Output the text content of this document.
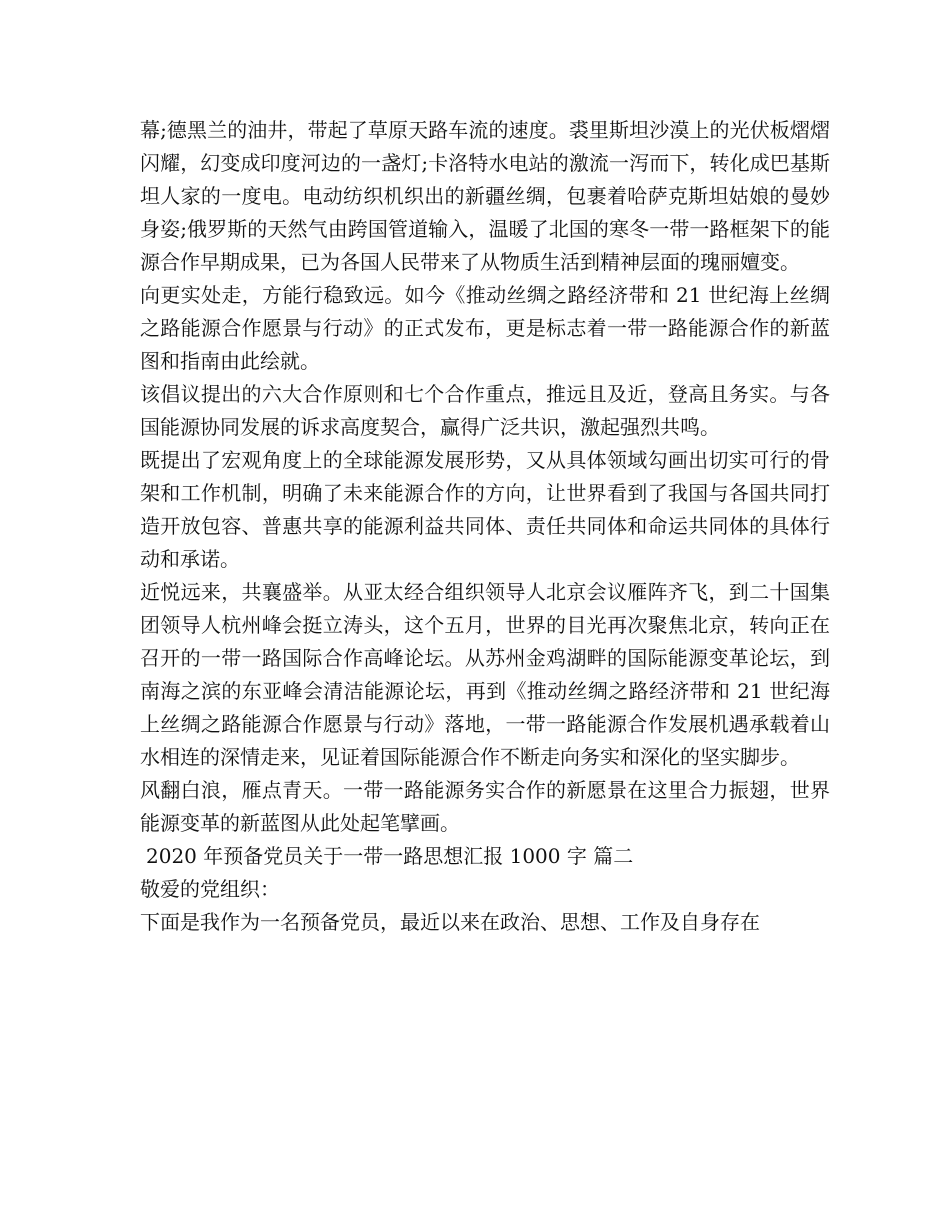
幕;德黑兰的油井，带起了草原天路车流的速度。裘里斯坦沙漠上的光伏板熠熠闪耀，幻变成印度河边的一盏灯;卡洛特水电站的激流一泻而下，转化成巴基斯坦人家的一度电。电动纺织机织出的新疆丝绸，包裹着哈萨克斯坦姑娘的曼妙身姿;俄罗斯的天然气由跨国管道输入，温暖了北国的寒冬一带一路框架下的能源合作早期成果，已为各国人民带来了从物质生活到精神层面的瑰丽嬗变。

向更实处走，方能行稳致远。如今《推动丝绸之路经济带和 21 世纪海上丝绸之路能源合作愿景与行动》的正式发布，更是标志着一带一路能源合作的新蓝图和指南由此绘就。

该倡议提出的六大合作原则和七个合作重点，推远且及近，登高且务实。与各国能源协同发展的诉求高度契合，赢得广泛共识，激起强烈共鸣。

既提出了宏观角度上的全球能源发展形势，又从具体领域勾画出切实可行的骨架和工作机制，明确了未来能源合作的方向，让世界看到了我国与各国共同打造开放包容、普惠共享的能源利益共同体、责任共同体和命运共同体的具体行动和承诺。

近悦远来，共襄盛举。从亚太经合组织领导人北京会议雁阵齐飞，到二十国集团领导人杭州峰会挺立涛头，这个五月，世界的目光再次聚焦北京，转向正在召开的一带一路国际合作高峰论坛。从苏州金鸡湖畔的国际能源变革论坛，到南海之滨的东亚峰会清洁能源论坛，再到《推动丝绸之路经济带和 21 世纪海上丝绸之路能源合作愿景与行动》落地，一带一路能源合作发展机遇承载着山水相连的深情走来，见证着国际能源合作不断走向务实和深化的坚实脚步。

风翻白浪，雁点青天。一带一路能源务实合作的新愿景在这里合力振翅，世界能源变革的新蓝图从此处起笔擘画。

2020 年预备党员关于一带一路思想汇报 1000 字 篇二

敬爱的党组织：

下面是我作为一名预备党员，最近以来在政治、思想、工作及自身存在
